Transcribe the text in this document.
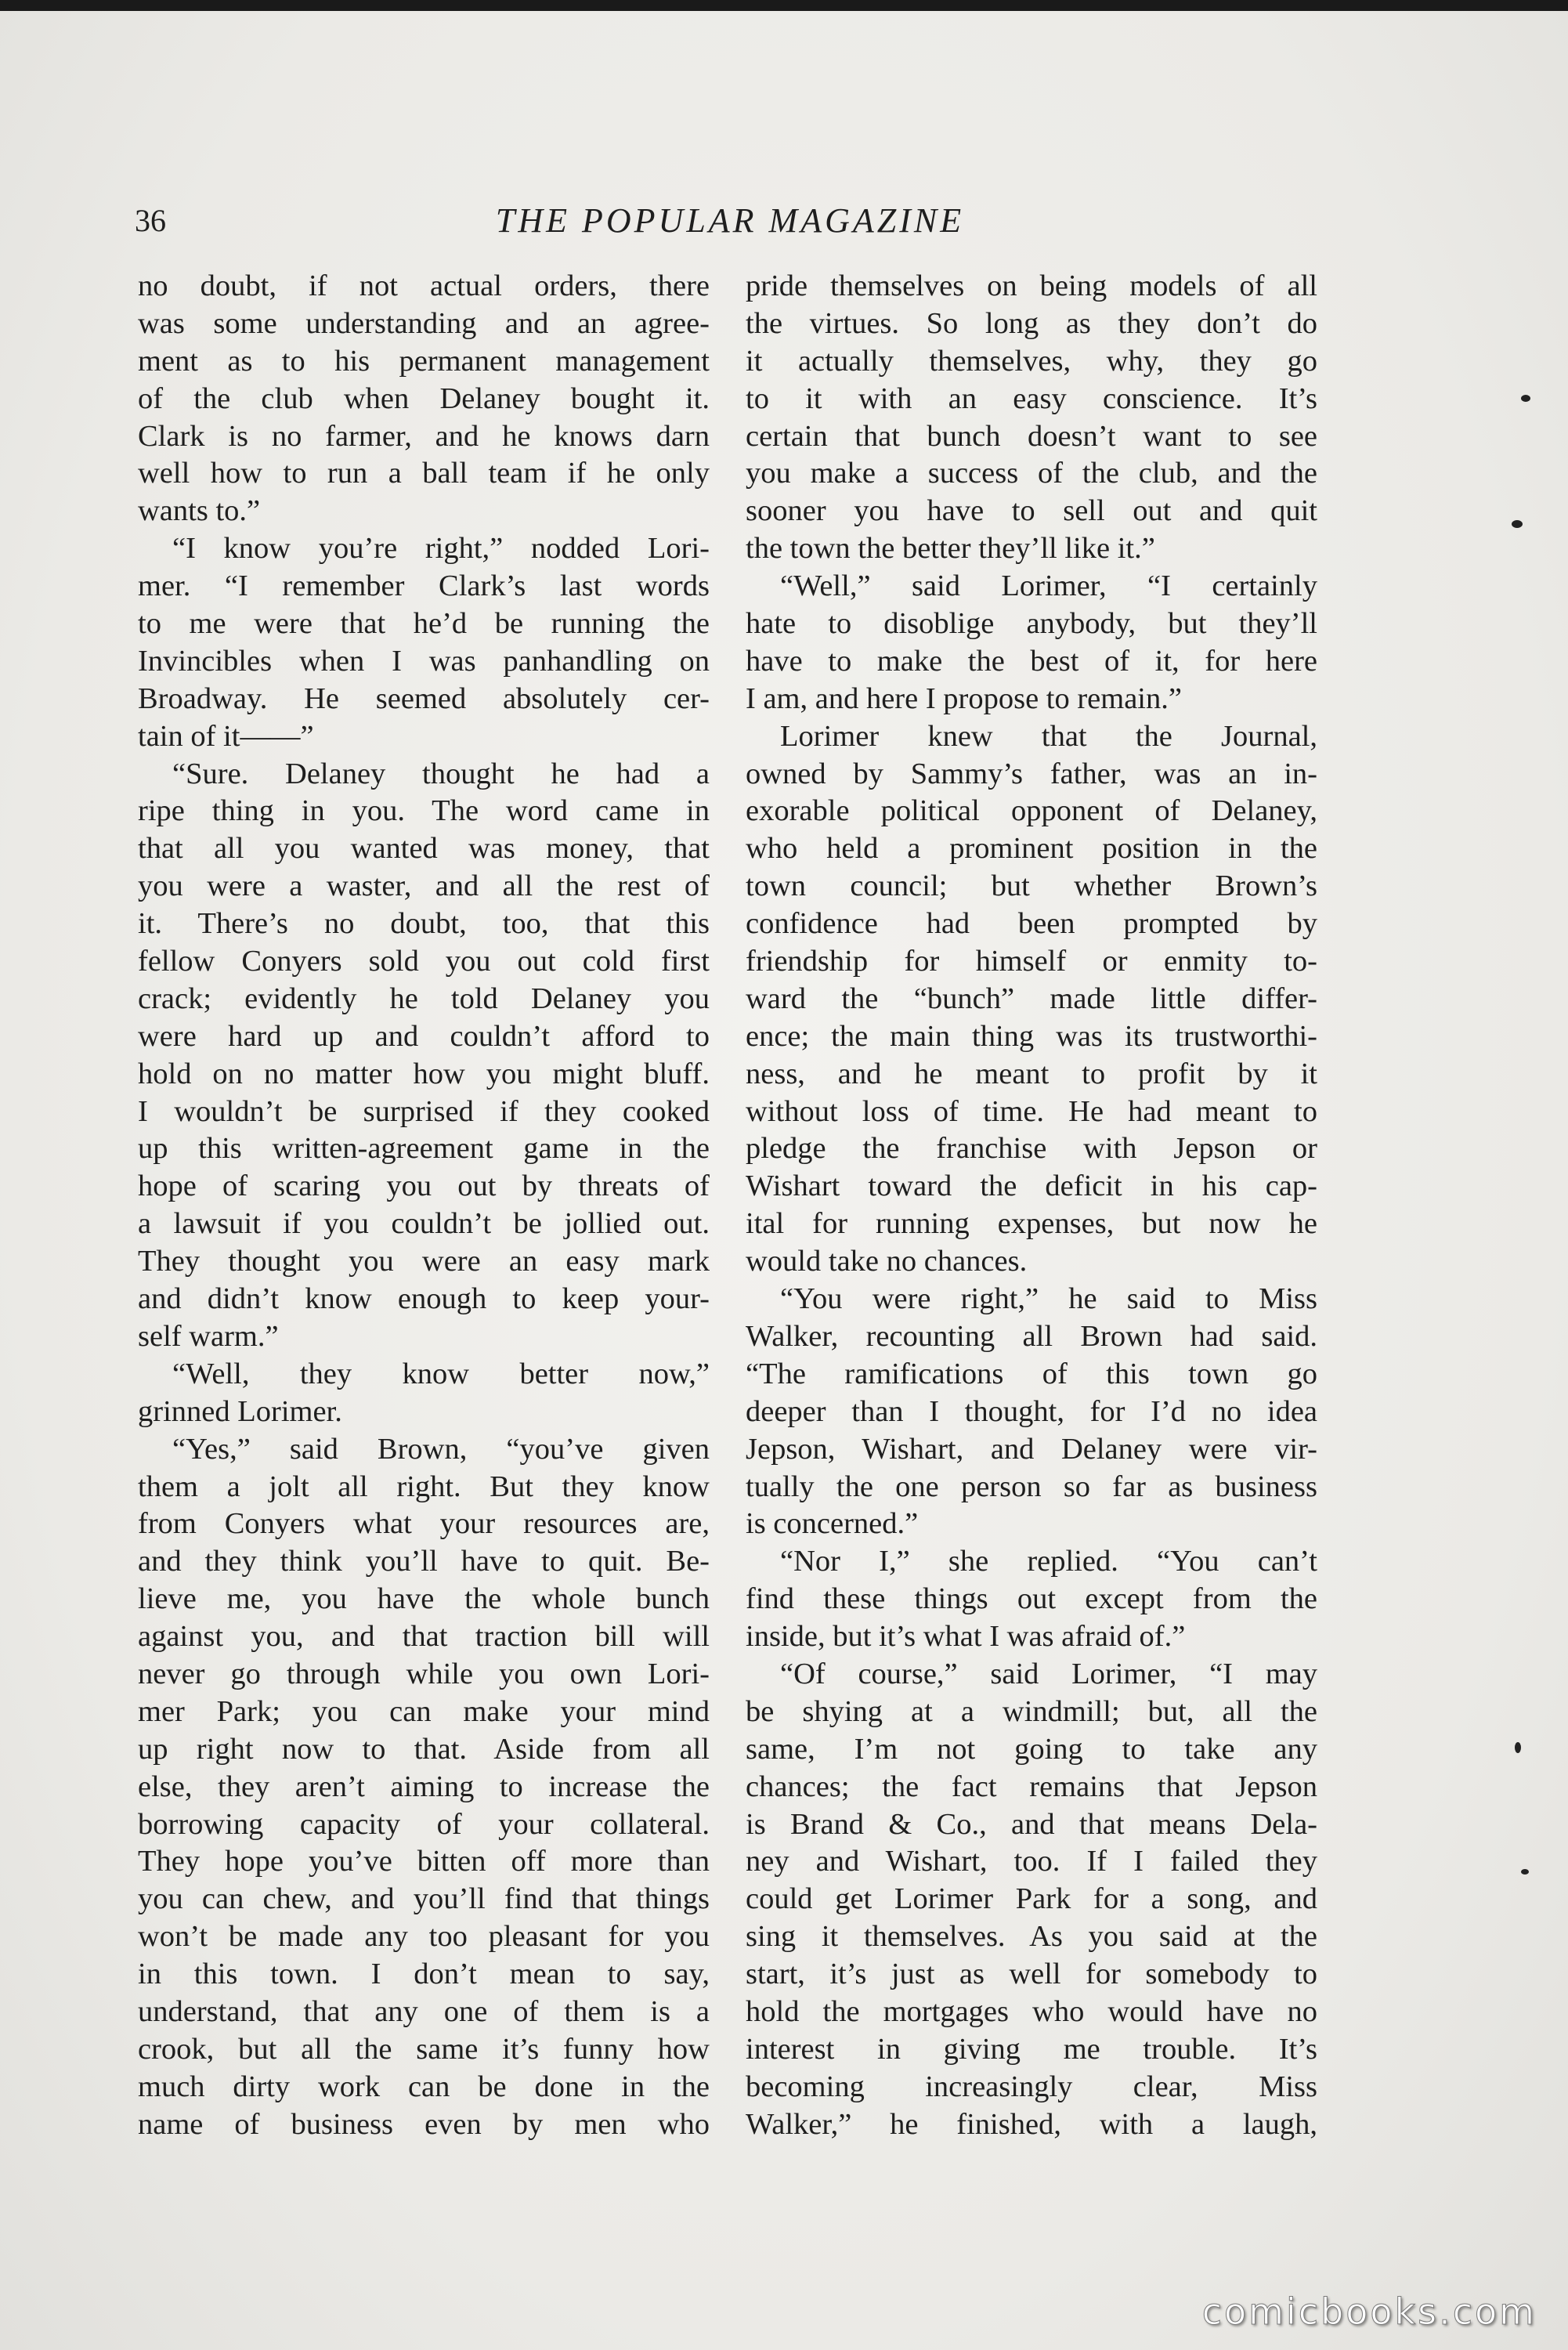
36	THE POPULAR MAGAZINE
no doubt, if not actual orders, there
was some understanding and an agree-
ment as to his permanent management
of the club when Delaney bought it.
Clark is no farmer, and he knows darn
well how to run a ball team if he only
wants to.”
“I know you’re right,” nodded Lori-
mer. “I remember Clark’s last words
to me were that he’d be running the
Invincibles when I was panhandling on
Broadway. He seemed absolutely cer-
tain of it——”
“Sure. Delaney thought he had a
ripe thing in you. The word came in
that all you wanted was money, that
you were a waster, and all the rest of
it. There’s no doubt, too, that this
fellow Conyers sold you out cold first
crack; evidently he told Delaney you
were hard up and couldn’t afford to
hold on no matter how you might bluff.
I wouldn’t be surprised if they cooked
up this written-agreement game in the
hope of scaring you out by threats of
a lawsuit if you couldn’t be jollied out.
They thought you were an easy mark
and didn’t know enough to keep your-
self warm.”
“Well, they know better now,”
grinned Lorimer.
“Yes,” said Brown, “you’ve given
them a jolt all right. But they know
from Conyers what your resources are,
and they think you’ll have to quit. Be-
lieve me, you have the whole bunch
against you, and that traction bill will
never go through while you own Lori-
mer Park; you can make your mind
up right now to that. Aside from all
else, they aren’t aiming to increase the
borrowing capacity of your collateral.
They hope you’ve bitten off more than
you can chew, and you’ll find that things
won’t be made any too pleasant for you
in this town. I don’t mean to say,
understand, that any one of them is a
crook, but all the same it’s funny how
much dirty work can be done in the
name of business even by men who
pride themselves on being models of all
the virtues. So long as they don’t do
it actually themselves, why, they go
to it with an easy conscience. It’s
certain that bunch doesn’t want to see
you make a success of the club, and the
sooner you have to sell out and quit
the town the better they’ll like it.”
“Well,” said Lorimer, “I certainly
hate to disoblige anybody, but they’ll
have to make the best of it, for here
I am, and here I propose to remain.”
Lorimer knew that the Journal,
owned by Sammy’s father, was an in-
exorable political opponent of Delaney,
who held a prominent position in the
town council; but whether Brown’s
confidence had been prompted by
friendship for himself or enmity to-
ward the “bunch” made little differ-
ence; the main thing was its trustworthi-
ness, and he meant to profit by it
without loss of time. He had meant to
pledge the franchise with Jepson or
Wishart toward the deficit in his cap-
ital for running expenses, but now he
would take no chances.
“You were right,” he said to Miss
Walker, recounting all Brown had said.
“The ramifications of this town go
deeper than I thought, for I’d no idea
Jepson, Wishart, and Delaney were vir-
tually the one person so far as business
is concerned.”
“Nor I,” she replied. “You can’t
find these things out except from the
inside, but it’s what I was afraid of.”
“Of course,” said Lorimer, “I may
be shying at a windmill; but, all the
same, I’m not going to take any
chances; the fact remains that Jepson
is Brand & Co., and that means Dela-
ney and Wishart, too. If I failed they
could get Lorimer Park for a song, and
sing it themselves. As you said at the
start, it’s just as well for somebody to
hold the mortgages who would have no
interest in giving me trouble. It’s
becoming increasingly clear, Miss
Walker,” he finished, with a laugh,
comicbooks.com
